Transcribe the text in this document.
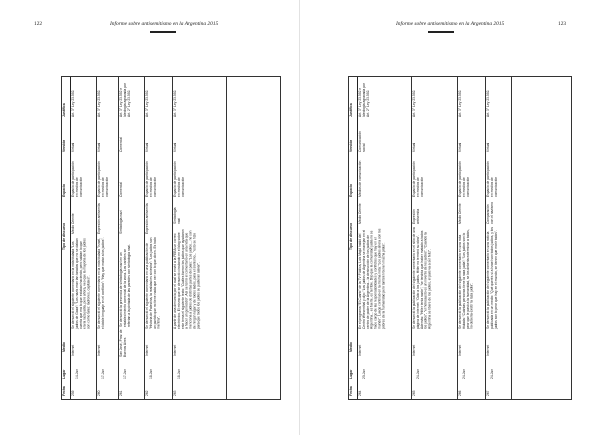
122	Informe sobre antisemitismo en la Argentina 2015
Fecha
Lugar
Medio
Tipo de discurso
Espacio
Versión
Justifica
259
14-Jun
Internet
Se denunció el siguiente comentario en la nota titulada "Los judíos de Gaza": "Los nazis eran tan tarados que no se daban cuenta que era lo que estaban haciendo, pero sabían lo que era la raza judía, pero ahora, veo que la mayoría de los judíos son como tales: ladrones, capitales".
Medio Oriente
Espacio de participación en medios de comunicación
Virtual
Art. 3° Ley 23.592.
260
17-Jun
Internet
Se denunció el siguiente comentario en la nota titulada "Israel, el doble lenguaje en el conflicto": "Hay que matar a los judíos".
Expresión antisemita
Espacio de participación en medios de comunicación
Virtual
Art. 3° Ley 23.592.
261
17-Jun
San José, Prov. de Buenos Aires
Se denunció la presencia de simbología nazi en un establecimiento comercial de la zona. Los carteles se referían a la pintada de las paredes con simbología nazi.
Simbología nazi
Comercial
Comercial
Art. 3° Ley 23.592 e Ideología agravada por Art. 2° Ley 23.592.
262
18-Jun
Internet
Se denunció el siguiente comentario en una publicación de "Historia de Palestina, la realidad es siniestra": "Los judíos son un pueblo que no tiene nada que ver con lo que dicen. Es todo mentira".
Expresión antisemita
Espacio de participación en medios de comunicación
Virtual
Art. 3° Ley 23.592.
263
18-Jun
Internet
A partir de una denuncia por el cual se envió a la FEBA un correo electrónico. El mismo que se denunció circulando en el blog sobre este tema el siguiente texto: "Cuáles fueron los judíos que ayudaron a hacer un genocidio". Así se tomó el comentario en una nota que menciona a judíos de distintas partes del país: "Los judíos... no son de ningún lugar y de todos lados, para el sionismo... "esto se hizo para que todos los judíos se pudieran salvar".
Simbología nazi
Espacio de participación en medios de comunicación
Virtual
Art. 3° Ley 23.592.
Informe sobre antisemitismo en la Argentina 2015	123
Fecha
Lugar
Medio
Tipo de discurso
Espacio
Versión
Justifica
264
20-Jun
Internet
En el programa "El Cuarto" de la TV Pública, Luis Majul habló del Centro Wiesenthal y dijo: "Los judíos de Argentina se manejan en el centro de poder de la Argentina... la destrucción de los judíos de Argentina... es fuerte, es terrible. Dijo que la comunidad judía no se hace cargo de las responsabilidades y conflictos que hay en el mundo". Luego continuó en la misma nota: "Los judíos ahora son los pobres de la humanidad pero también tienen mucha plata".
Medio Oriente
Medios de comunicación
Comunicación social
Art. 3° Ley 23.592 e Ideología agravada por Art. 2° Ley 23.592.
265
24-Jun
Internet
Se denunció la publicación del siguiente comentario en el sitio de una página de internet: "Odio a los judíos. Hitler no terminó su obra". Además: "Hitler tenía razón", "se tendría que haber matado a todos los judíos", "el holocausto es un invento de los judíos". "Cuando la Argentina se libere de los judíos, el país va a ser feliz".
Expresión antisemita
Espacio de participación en medios de comunicación
Virtual
Art. 3° Ley 23.592.
266
24-Jun
Internet
Se denunció la publicación del siguiente comentario en una nota titulada: "Cuántas personas tiene la raza judía": "Los judíos son lo peor que le pasó a la humanidad, se los debería exterminar a todos, no debería existir la raza judía".
Medio Oriente
Espacio de participación en medios de comunicación
Virtual
Art. 3° Ley 23.592.
267
24-Jun
Internet
Se denunció la publicación del siguiente comentario en una noticia publicada en un medio: "Qué querés si a Israel son todos judíos, y los judíos son lo peor que hay en el mundo, se tienen que morir todos".
Comparación con el nazismo
Espacio de participación en medios de comunicación
Virtual
Art. 3° Ley 23.592.
